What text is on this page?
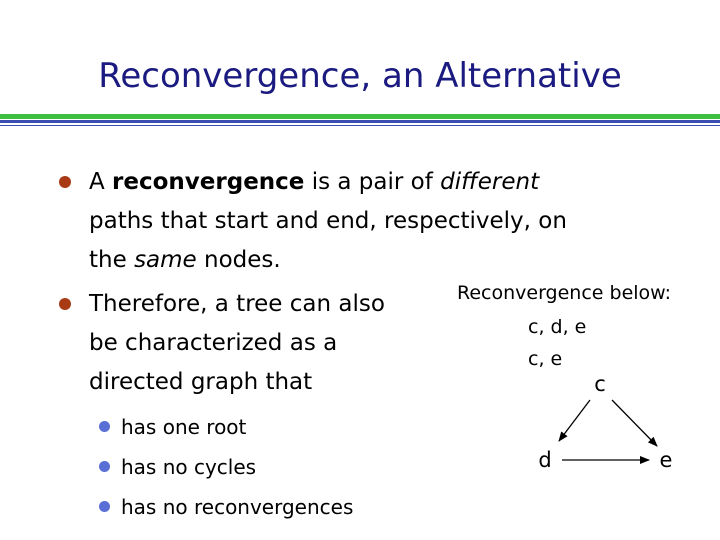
Reconvergence, an Alternative
A reconvergence is a pair of different
paths that start and end, respectively, on
the same nodes.
Therefore, a tree can also
be characterized as a
directed graph that
has one root
has no cycles
has no reconvergences
Reconvergence below:
c, d, e
c, e
c
d	e
